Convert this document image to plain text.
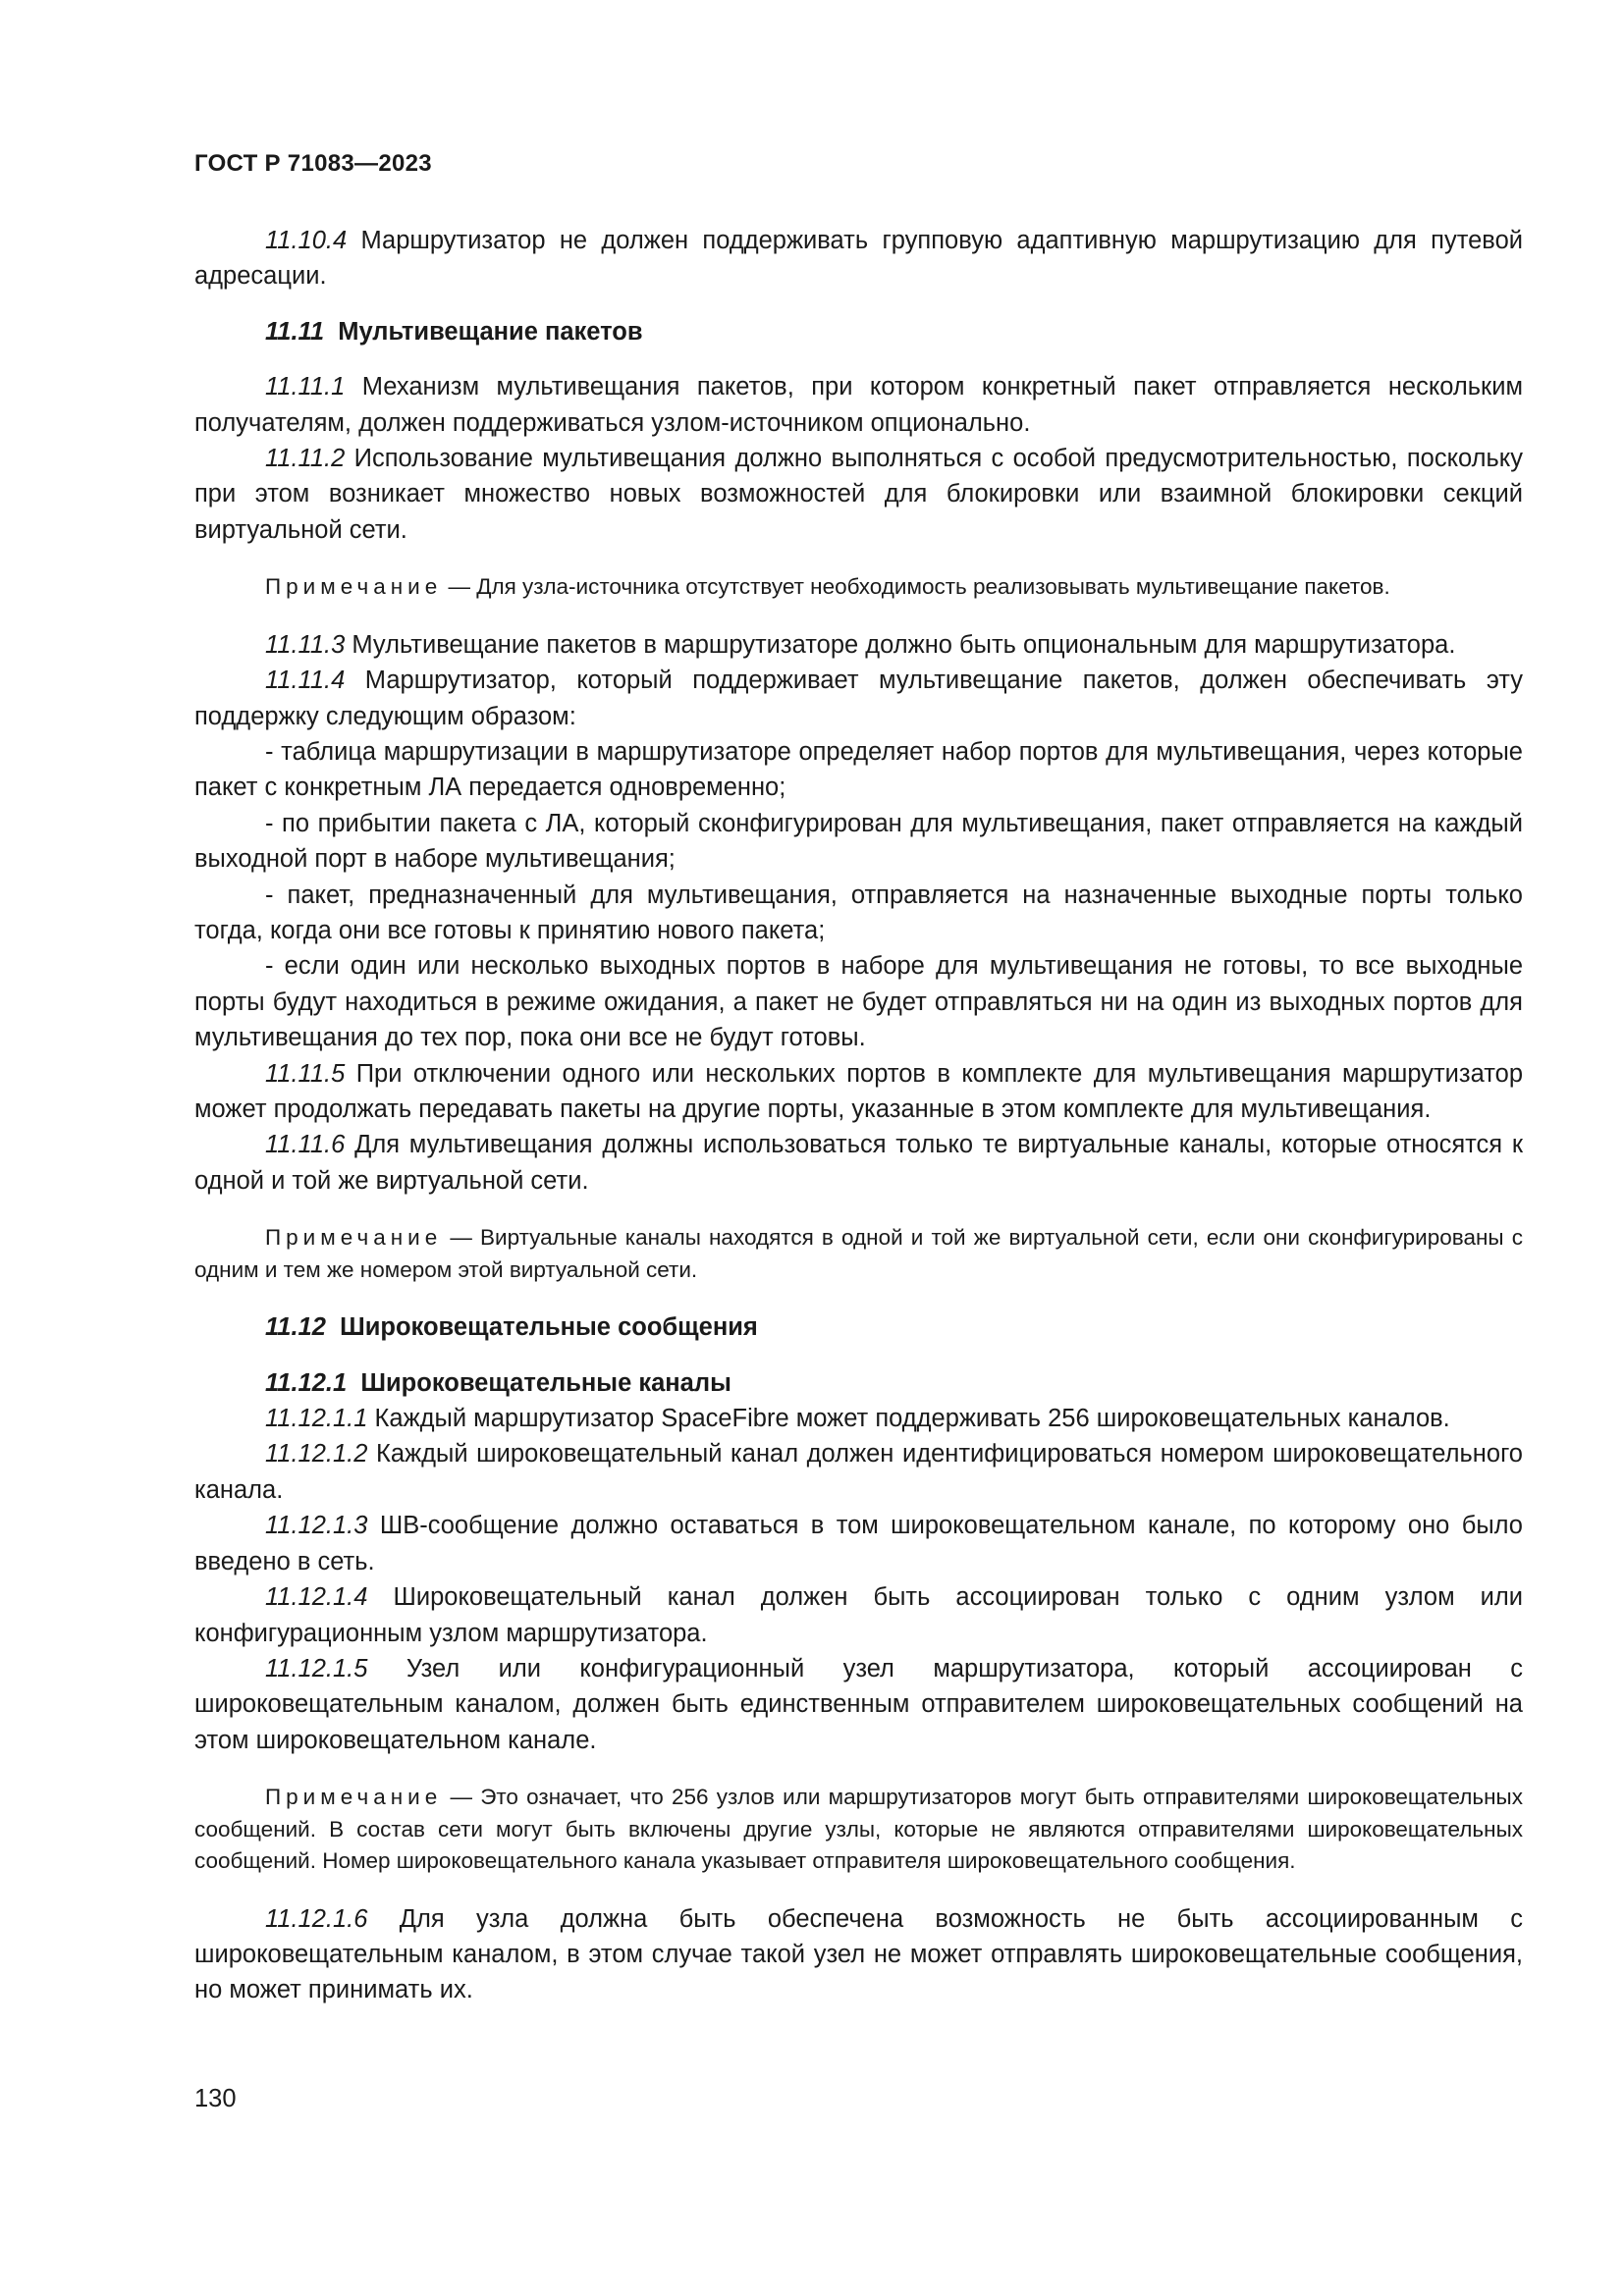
ГОСТ Р 71083—2023

11.10.4 Маршрутизатор не должен поддерживать групповую адаптивную маршрутизацию для путевой адресации.

11.11 Мультивещание пакетов

11.11.1 Механизм мультивещания пакетов, при котором конкретный пакет отправляется нескольким получателям, должен поддерживаться узлом-источником опционально.

11.11.2 Использование мультивещания должно выполняться с особой предусмотрительностью, поскольку при этом возникает множество новых возможностей для блокировки или взаимной блокировки секций виртуальной сети.

Примечание — Для узла-источника отсутствует необходимость реализовывать мультивещание пакетов.

11.11.3 Мультивещание пакетов в маршрутизаторе должно быть опциональным для маршрутизатора.

11.11.4 Маршрутизатор, который поддерживает мультивещание пакетов, должен обеспечивать эту поддержку следующим образом:

- таблица маршрутизации в маршрутизаторе определяет набор портов для мультивещания, через которые пакет с конкретным ЛА передается одновременно;

- по прибытии пакета с ЛА, который сконфигурирован для мультивещания, пакет отправляется на каждый выходной порт в наборе мультивещания;

- пакет, предназначенный для мультивещания, отправляется на назначенные выходные порты только тогда, когда они все готовы к принятию нового пакета;

- если один или несколько выходных портов в наборе для мультивещания не готовы, то все выходные порты будут находиться в режиме ожидания, а пакет не будет отправляться ни на один из выходных портов для мультивещания до тех пор, пока они все не будут готовы.

11.11.5 При отключении одного или нескольких портов в комплекте для мультивещания маршрутизатор может продолжать передавать пакеты на другие порты, указанные в этом комплекте для мультивещания.

11.11.6 Для мультивещания должны использоваться только те виртуальные каналы, которые относятся к одной и той же виртуальной сети.

Примечание — Виртуальные каналы находятся в одной и той же виртуальной сети, если они сконфигурированы с одним и тем же номером этой виртуальной сети.

11.12 Широковещательные сообщения

11.12.1 Широковещательные каналы

11.12.1.1 Каждый маршрутизатор SpaceFibre может поддерживать 256 широковещательных каналов.

11.12.1.2 Каждый широковещательный канал должен идентифицироваться номером широковещательного канала.

11.12.1.3 ШВ-сообщение должно оставаться в том широковещательном канале, по которому оно было введено в сеть.

11.12.1.4 Широковещательный канал должен быть ассоциирован только с одним узлом или конфигурационным узлом маршрутизатора.

11.12.1.5 Узел или конфигурационный узел маршрутизатора, который ассоциирован с широковещательным каналом, должен быть единственным отправителем широковещательных сообщений на этом широковещательном канале.

Примечание — Это означает, что 256 узлов или маршрутизаторов могут быть отправителями широковещательных сообщений. В состав сети могут быть включены другие узлы, которые не являются отправителями широковещательных сообщений. Номер широковещательного канала указывает отправителя широковещательного сообщения.

11.12.1.6 Для узла должна быть обеспечена возможность не быть ассоциированным с широковещательным каналом, в этом случае такой узел не может отправлять широковещательные сообщения, но может принимать их.

130
